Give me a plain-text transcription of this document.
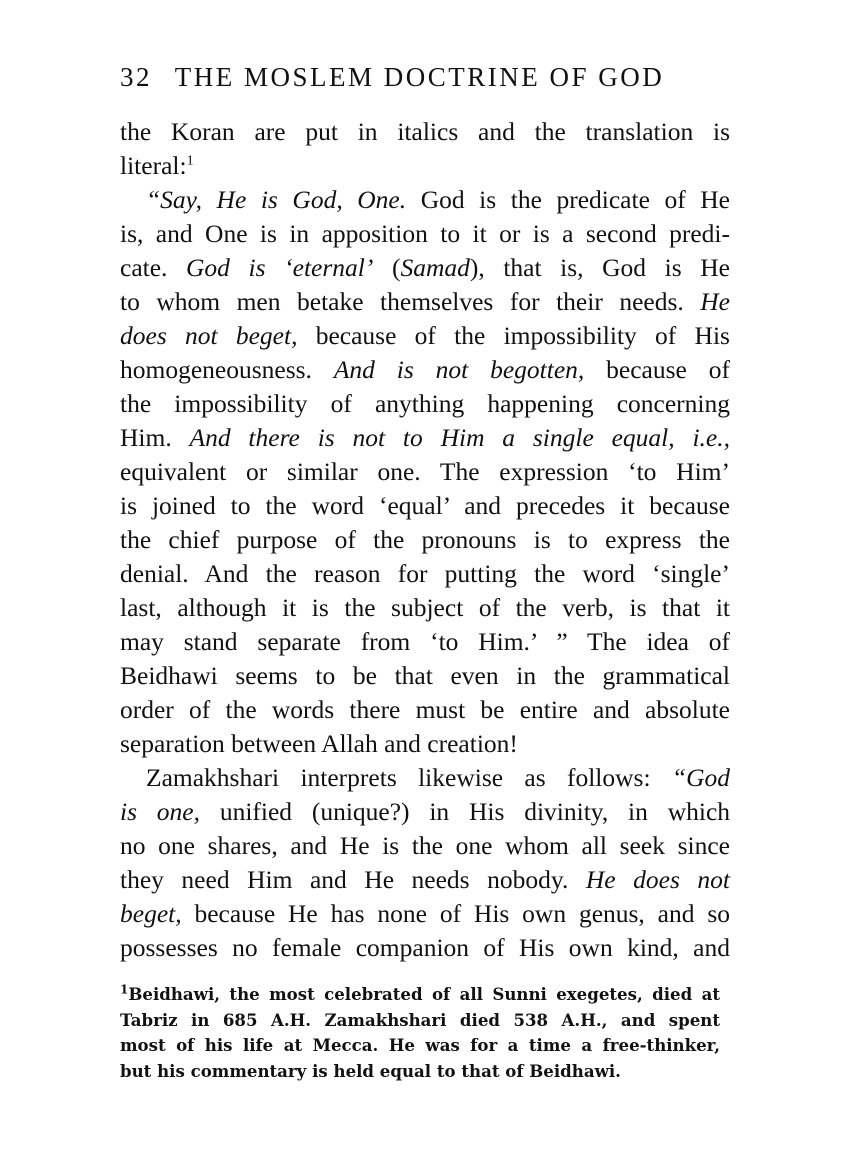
32 THE MOSLEM DOCTRINE OF GOD
the Koran are put in italics and the translation is
literal:$^1$
“Say, He is God, One. God is the predicate of He
is, and One is in apposition to it or is a second predi-
cate. God is ‘eternal’ (Samad), that is, God is He
to whom men betake themselves for their needs. He
does not beget, because of the impossibility of His
homogeneousness. And is not begotten, because of
the impossibility of anything happening concerning
Him. And there is not to Him a single equal, i.e.,
equivalent or similar one. The expression ‘to Him’
is joined to the word ‘equal’ and precedes it because
the chief purpose of the pronouns is to express the
denial. And the reason for putting the word ‘single’
last, although it is the subject of the verb, is that it
may stand separate from ‘to Him.’ ” The idea of
Beidhawi seems to be that even in the grammatical
order of the words there must be entire and absolute
separation between Allah and creation!
Zamakhshari interprets likewise as follows: “God
is one, unified (unique?) in His divinity, in which
no one shares, and He is the one whom all seek since
they need Him and He needs nobody. He does not
beget, because He has none of His own genus, and so
possesses no female companion of His own kind, and
$^1$Beidhawi, the most celebrated of all Sunni exegetes, died at
Tabriz in 685 A.H. Zamakhshari died 538 A.H., and spent
most of his life at Mecca. He was for a time a free-thinker,
but his commentary is held equal to that of Beidhawi.
